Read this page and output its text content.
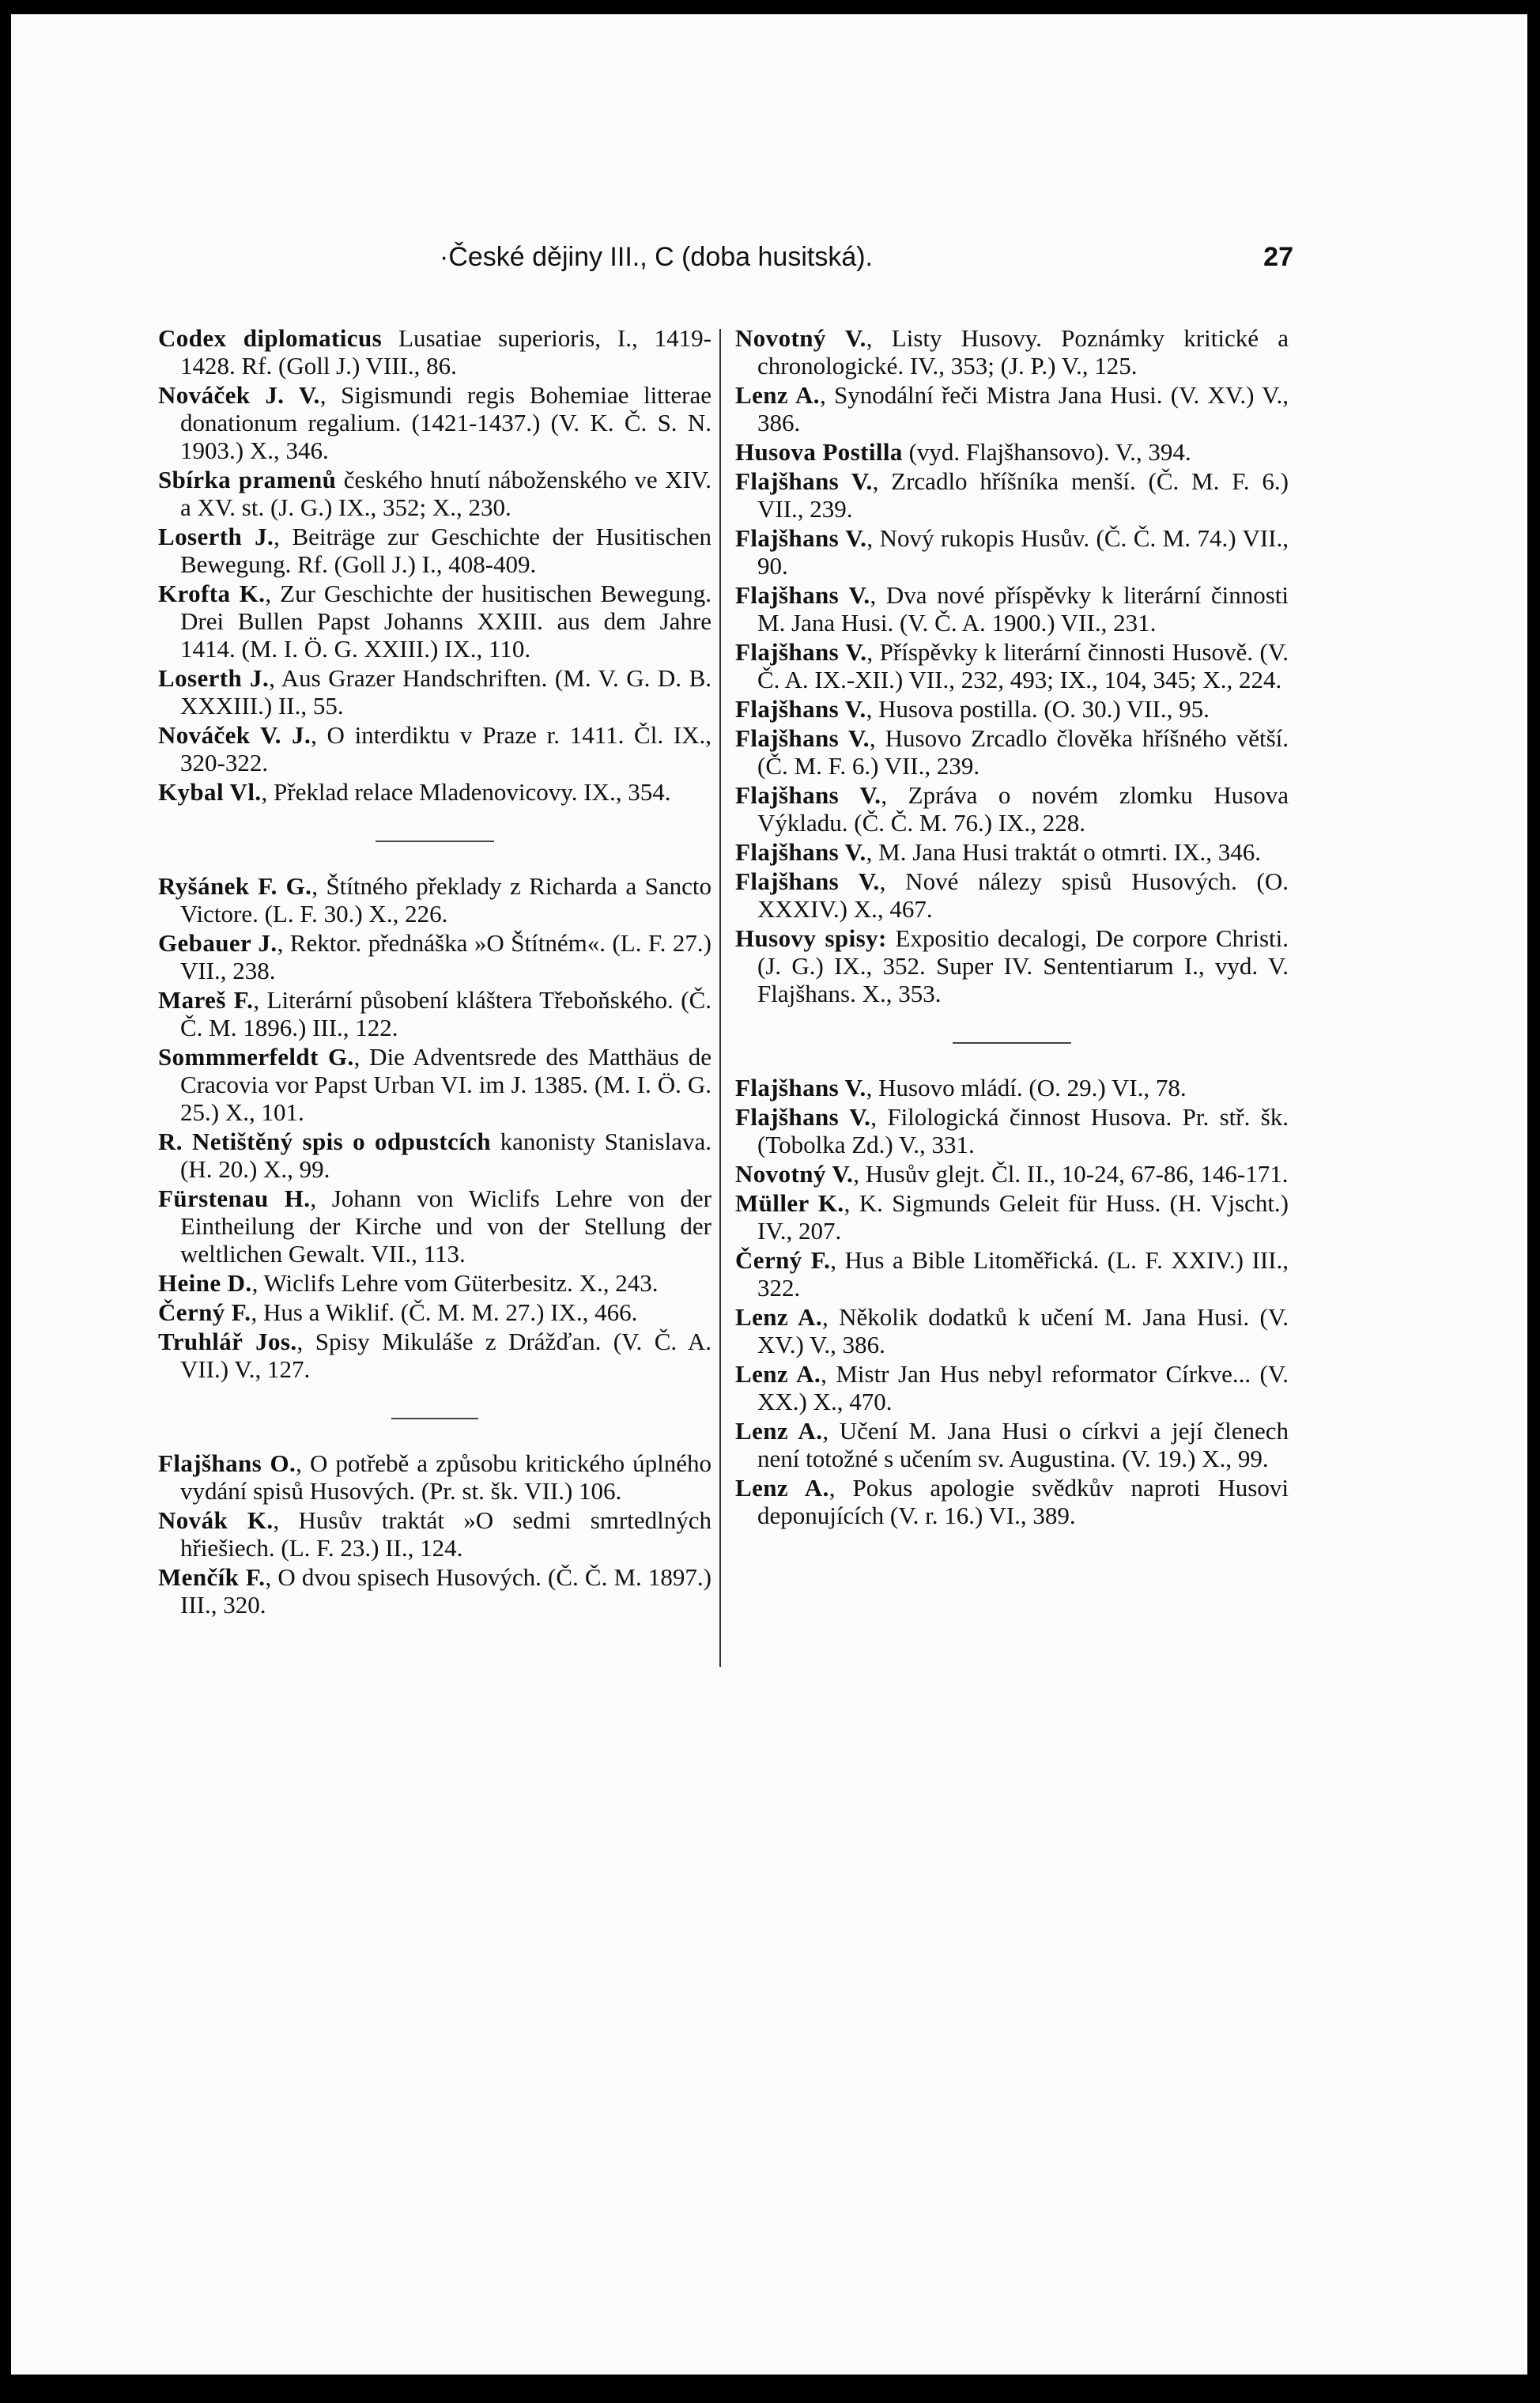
·České dějiny III., C (doba husitská).	27

Codex diplomaticus Lusatiae superioris, I., 1419-1428. Rf. (Goll J.) VIII., 86.

Nováček J. V., Sigismundi regis Bohemiae litterae donationum regalium. (1421-1437.) (V. K. Č. S. N. 1903.) X., 346.

Sbírka pramenů českého hnutí náboženského ve XIV. a XV. st. (J. G.) IX., 352; X., 230.

Loserth J., Beiträge zur Geschichte der Husitischen Bewegung. Rf. (Goll J.) I., 408-409.

Krofta K., Zur Geschichte der husitischen Bewegung. Drei Bullen Papst Johanns XXIII. aus dem Jahre 1414. (M. I. Ö. G. XXIII.) IX., 110.

Loserth J., Aus Grazer Handschriften. (M. V. G. D. B. XXXIII.) II., 55.

Nováček V. J., O interdiktu v Praze r. 1411. Čl. IX., 320-322.

Kybal Vl., Překlad relace Mladenovicovy. IX., 354.

Ryšánek F. G., Štítného překlady z Richarda a Sancto Victore. (L. F. 30.) X., 226.

Gebauer J., Rektor. přednáška »O Štítném«. (L. F. 27.) VII., 238.

Mareš F., Literární působení kláštera Třeboňského. (Č. Č. M. 1896.) III., 122.

Sommmerfeldt G., Die Adventsrede des Matthäus de Cracovia vor Papst Urban VI. im J. 1385. (M. I. Ö. G. 25.) X., 101.

R. Netištěný spis o odpustcích kanonisty Stanislava. (H. 20.) X., 99.

Fürstenau H., Johann von Wiclifs Lehre von der Eintheilung der Kirche und von der Stellung der weltlichen Gewalt. VII., 113.

Heine D., Wiclifs Lehre vom Güterbesitz. X., 243.

Černý F., Hus a Wiklif. (Č. M. M. 27.) IX., 466.

Truhlář Jos., Spisy Mikuláše z Drážďan. (V. Č. A. VII.) V., 127.

Flajšhans O., O potřebě a způsobu kritického úplného vydání spisů Husových. (Pr. st. šk. VII.) 106.

Novák K., Husův traktát »O sedmi smrtedlných hřiešiech. (L. F. 23.) II., 124.

Menčík F., O dvou spisech Husových. (Č. Č. M. 1897.) III., 320.

Novotný V., Listy Husovy. Poznámky kritické a chronologické. IV., 353; (J. P.) V., 125.

Lenz A., Synodální řeči Mistra Jana Husi. (V. XV.) V., 386.

Husova Postilla (vyd. Flajšhansovo). V., 394.

Flajšhans V., Zrcadlo hříšníka menší. (Č. M. F. 6.) VII., 239.

Flajšhans V., Nový rukopis Husův. (Č. Č. M. 74.) VII., 90.

Flajšhans V., Dva nové příspěvky k literární činnosti M. Jana Husi. (V. Č. A. 1900.) VII., 231.

Flajšhans V., Příspěvky k literární činnosti Husově. (V. Č. A. IX.-XII.) VII., 232, 493; IX., 104, 345; X., 224.

Flajšhans V., Husova postilla. (O. 30.) VII., 95.

Flajšhans V., Husovo Zrcadlo člověka hříšného větší. (Č. M. F. 6.) VII., 239.

Flajšhans V., Zpráva o novém zlomku Husova Výkladu. (Č. Č. M. 76.) IX., 228.

Flajšhans V., M. Jana Husi traktát o otmrti. IX., 346.

Flajšhans V., Nové nálezy spisů Husových. (O. XXXIV.) X., 467.

Husovy spisy: Expositio decalogi, De corpore Christi. (J. G.) IX., 352. Super IV. Sententiarum I., vyd. V. Flajšhans. X., 353.

Flajšhans V., Husovo mládí. (O. 29.) VI., 78.

Flajšhans V., Filologická činnost Husova. Pr. stř. šk. (Tobolka Zd.) V., 331.

Novotný V., Husův glejt. Čl. II., 10-24, 67-86, 146-171.

Müller K., K. Sigmunds Geleit für Huss. (H. Vjscht.) IV., 207.

Černý F., Hus a Bible Litoměřická. (L. F. XXIV.) III., 322.

Lenz A., Několik dodatků k učení M. Jana Husi. (V. XV.) V., 386.

Lenz A., Mistr Jan Hus nebyl reformator Církve... (V. XX.) X., 470.

Lenz A., Učení M. Jana Husi o církvi a její členech není totožné s učením sv. Augustina. (V. 19.) X., 99.

Lenz A., Pokus apologie svědkův naproti Husovi deponujících (V. r. 16.) VI., 389.
